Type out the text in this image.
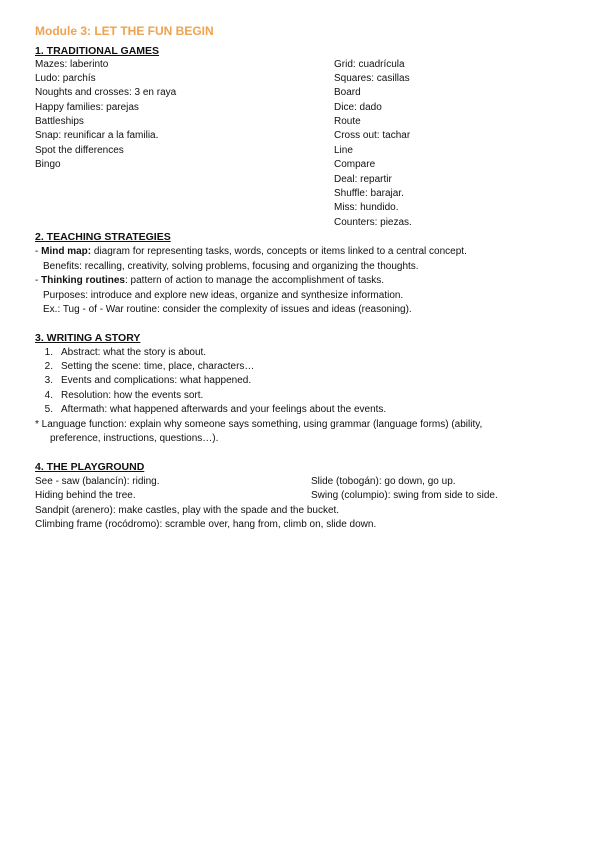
Module 3: LET THE FUN BEGIN
1. TRADITIONAL GAMES
Mazes: laberinto
Ludo: parchís
Noughts and crosses: 3 en raya
Happy families: parejas
Battleships
Snap: reunificar a la familia.
Spot the differences
Bingo
Grid: cuadrícula
Squares: casillas
Board
Dice: dado
Route
Cross out: tachar
Line
Compare
Deal: repartir
Shuffle: barajar.
Miss: hundido.
Counters: piezas.
2. TEACHING STRATEGIES
- Mind map: diagram for representing tasks, words, concepts or items linked to a central concept.
Benefits: recalling, creativity, solving problems, focusing and organizing the thoughts.
- Thinking routines: pattern of action to manage the accomplishment of tasks.
Purposes: introduce and explore new ideas, organize and synthesize information.
Ex.: Tug - of - War routine: consider the complexity of issues and ideas (reasoning).
3. WRITING A STORY
1. Abstract: what the story is about.
2. Setting the scene: time, place, characters…
3. Events and complications: what happened.
4. Resolution: how the events sort.
5. Aftermath: what happened afterwards and your feelings about the events.
* Language function: explain why someone says something, using grammar (language forms) (ability,
preference, instructions, questions…).
4. THE PLAYGROUND
See - saw (balancín): riding.	Slide (tobogán): go down, go up.
Hiding behind the tree.	Swing (columpio): swing from side to side.
Sandpit (arenero): make castles, play with the spade and the bucket.
Climbing frame (rocódromo): scramble over, hang from, climb on, slide down.
